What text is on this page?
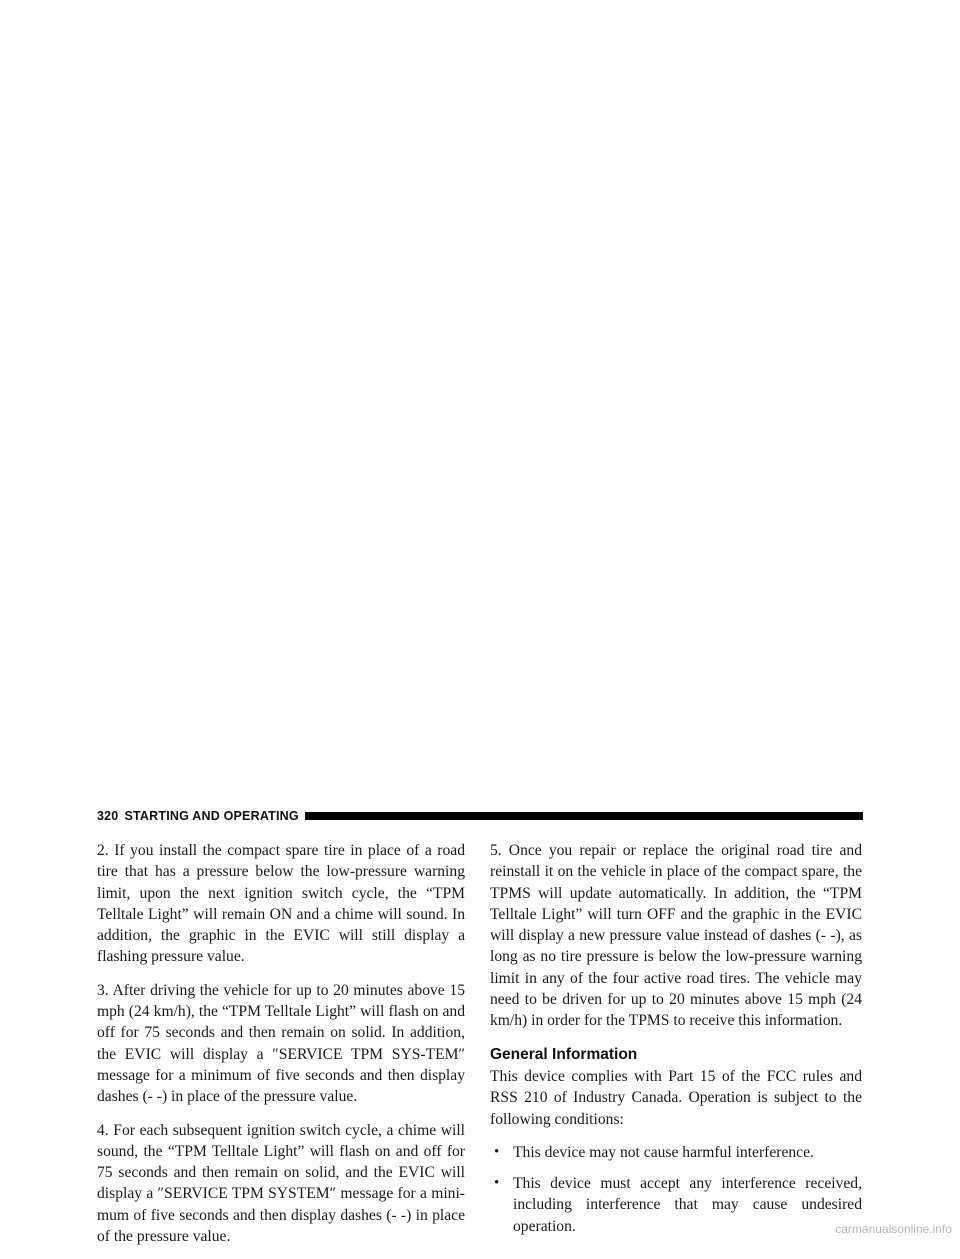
320 STARTING AND OPERATING

2. If you install the compact spare tire in place of a road tire that has a pressure below the low-pressure warning limit, upon the next ignition switch cycle, the “TPM Telltale Light” will remain ON and a chime will sound. In addition, the graphic in the EVIC will still display a flashing pressure value.

3. After driving the vehicle for up to 20 minutes above 15 mph (24 km/h), the “TPM Telltale Light” will flash on and off for 75 seconds and then remain on solid. In addition, the EVIC will display a ″SERVICE TPM SYS-TEM″ message for a minimum of five seconds and then display dashes (- -) in place of the pressure value.

4. For each subsequent ignition switch cycle, a chime will sound, the “TPM Telltale Light” will flash on and off for 75 seconds and then remain on solid, and the EVIC will display a ″SERVICE TPM SYSTEM″ message for a mini-mum of five seconds and then display dashes (- -) in place of the pressure value.

5. Once you repair or replace the original road tire and reinstall it on the vehicle in place of the compact spare, the TPMS will update automatically. In addition, the “TPM Telltale Light” will turn OFF and the graphic in the EVIC will display a new pressure value instead of dashes (- -), as long as no tire pressure is below the low-pressure warning limit in any of the four active road tires. The vehicle may need to be driven for up to 20 minutes above 15 mph (24 km/h) in order for the TPMS to receive this information.

General Information

This device complies with Part 15 of the FCC rules and RSS 210 of Industry Canada. Operation is subject to the following conditions:

• This device may not cause harmful interference.
• This device must accept any interference received, including interference that may cause undesired operation.	carmanualsonline.info
